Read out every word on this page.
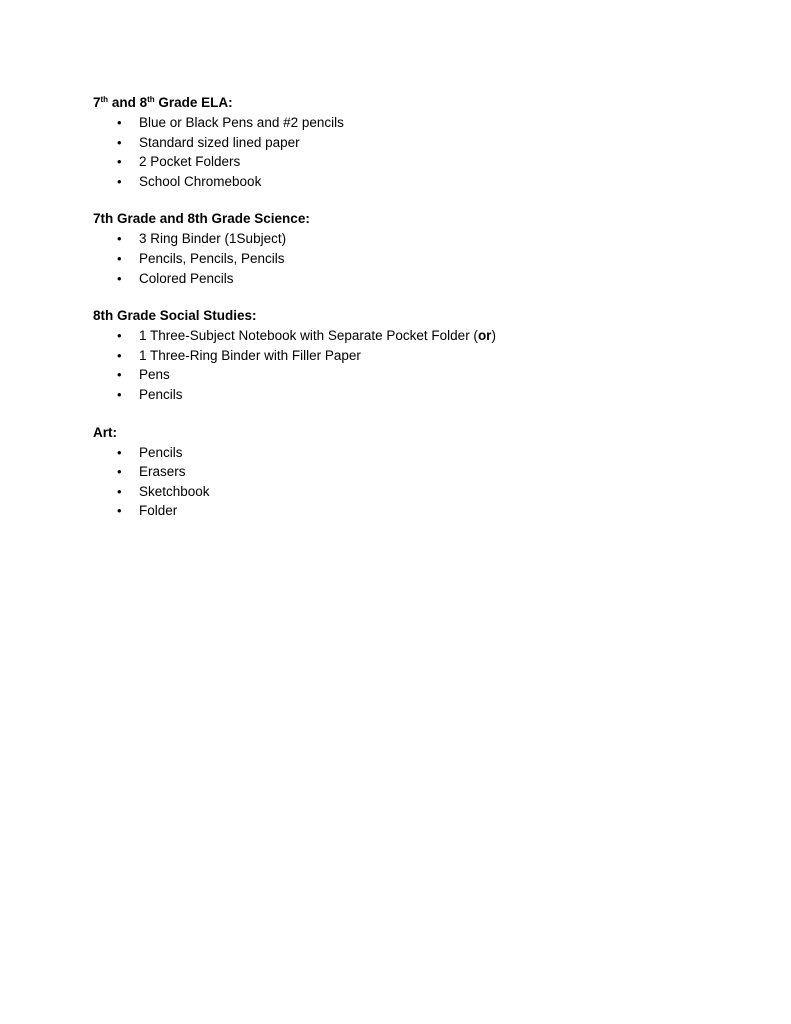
7th and 8th Grade ELA:
• Blue or Black Pens and #2 pencils
• Standard sized lined paper
• 2 Pocket Folders
• School Chromebook
7th Grade and 8th Grade Science:
• 3 Ring Binder (1Subject)
• Pencils, Pencils, Pencils
• Colored Pencils
8th Grade Social Studies:
• 1 Three-Subject Notebook with Separate Pocket Folder (or)
• 1 Three-Ring Binder with Filler Paper
• Pens
• Pencils
Art:
• Pencils
• Erasers
• Sketchbook
• Folder
